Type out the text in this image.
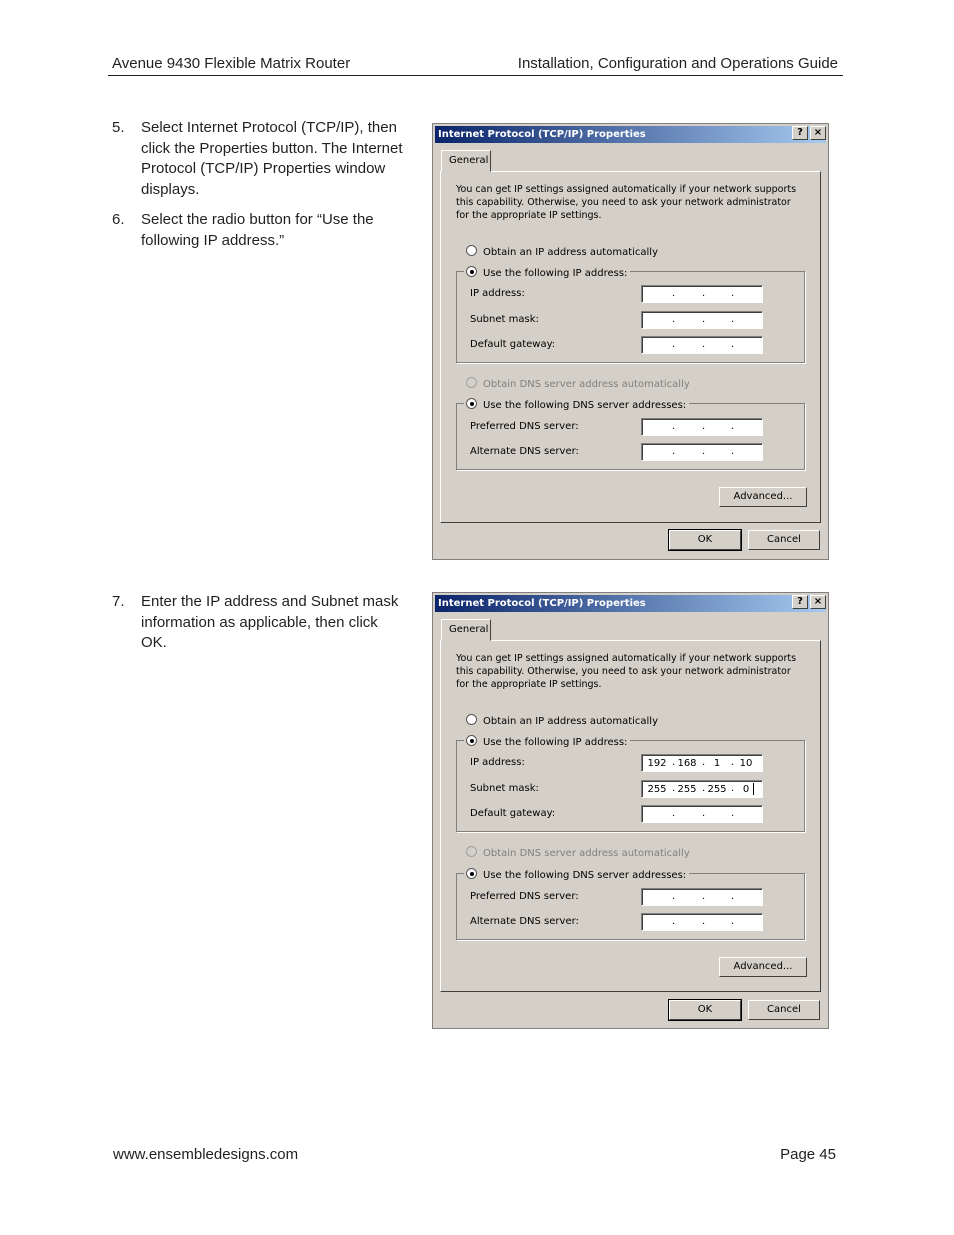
Avenue 9430 Flexible Matrix Router	Installation, Configuration and Operations Guide
5. Select Internet Protocol (TCP/IP), then click the Properties button. The Internet Protocol (TCP/IP) Properties window displays.
6. Select the radio button for “Use the following IP address.”
7. Enter the IP address and Subnet mask information as applicable, then click OK.
Internet Protocol (TCP/IP) Properties	?	×
General
You can get IP settings assigned automatically if your network supports this capability. Otherwise, you need to ask your network administrator for the appropriate IP settings.
Obtain an IP address automatically
Use the following IP address:
IP address:	.	.	.
Subnet mask:	.	.	.
Default gateway:	.	.	.
Obtain DNS server address automatically
Use the following DNS server addresses:
Preferred DNS server:	.	.	.
Alternate DNS server:	.	.	.
Advanced...
OK	Cancel
Internet Protocol (TCP/IP) Properties	?	×
General
You can get IP settings assigned automatically if your network supports this capability. Otherwise, you need to ask your network administrator for the appropriate IP settings.
Obtain an IP address automatically
Use the following IP address:
IP address:	192 . 168 . 1	. 10
Subnet mask:	255 . 255 . 255 . 0
Default gateway:	.	.	.
Obtain DNS server address automatically
Use the following DNS server addresses:
Preferred DNS server:	.	.	.
Alternate DNS server:	.	.	.
Advanced...
OK	Cancel
www.ensembledesigns.com	Page 45
